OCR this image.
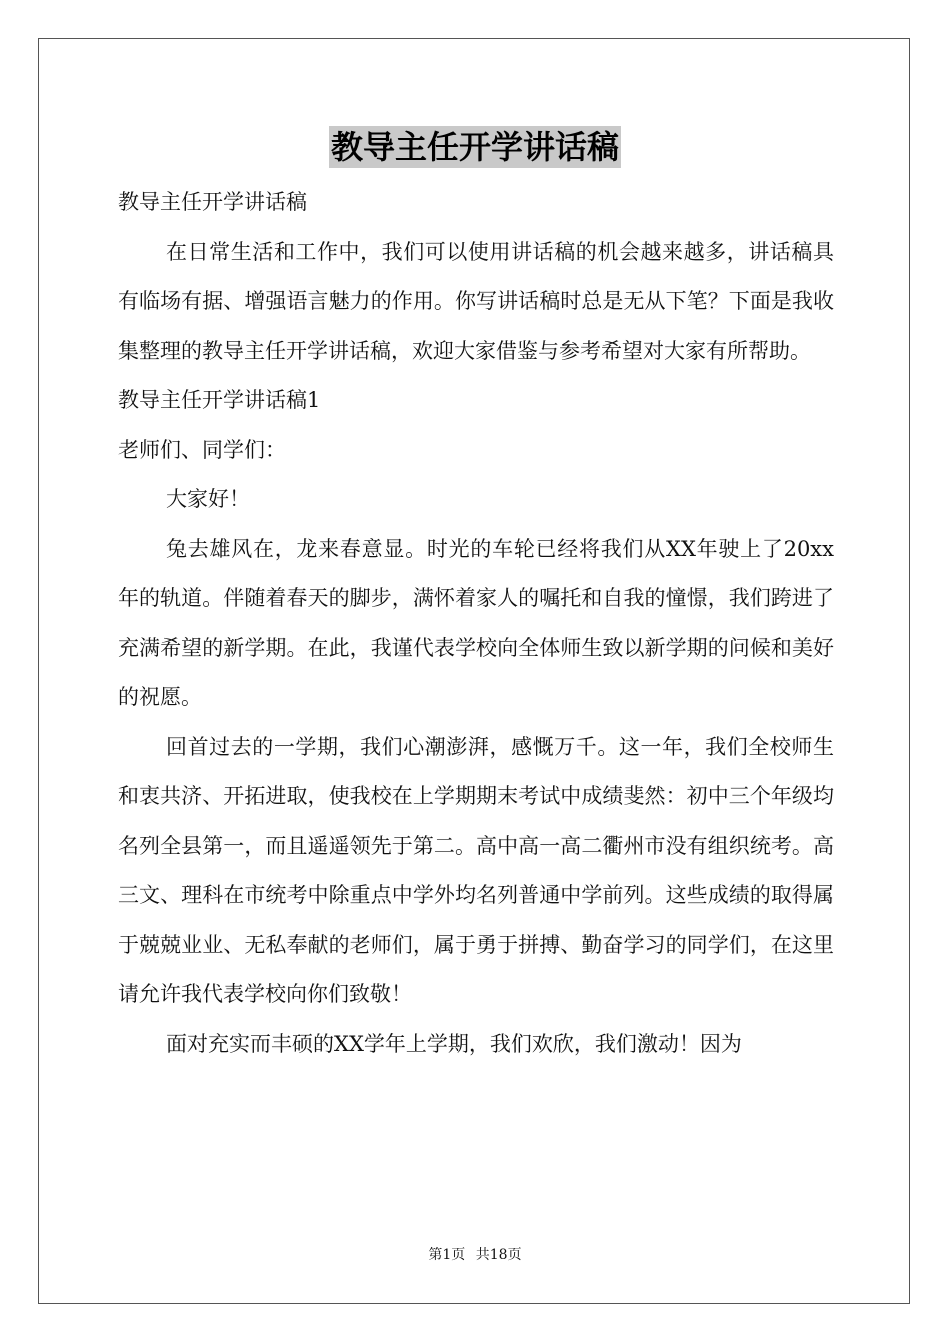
教导主任开学讲话稿

教导主任开学讲话稿

在日常生活和工作中，我们可以使用讲话稿的机会越来越多，讲话稿具有临场有据、增强语言魅力的作用。你写讲话稿时总是无从下笔？下面是我收集整理的教导主任开学讲话稿，欢迎大家借鉴与参考希望对大家有所帮助。

教导主任开学讲话稿1

老师们、同学们：

大家好！

兔去雄风在，龙来春意显。时光的车轮已经将我们从XX年驶上了20xx年的轨道。伴随着春天的脚步，满怀着家人的嘱托和自我的憧憬，我们跨进了充满希望的新学期。在此，我谨代表学校向全体师生致以新学期的问候和美好的祝愿。

回首过去的一学期，我们心潮澎湃，感慨万千。这一年，我们全校师生和衷共济、开拓进取，使我校在上学期期末考试中成绩斐然：初中三个年级均名列全县第一，而且遥遥领先于第二。高中高一高二衢州市没有组织统考。高三文、理科在市统考中除重点中学外均名列普通中学前列。这些成绩的取得属于兢兢业业、无私奉献的老师们，属于勇于拼搏、勤奋学习的同学们，在这里请允许我代表学校向你们致敬！

面对充实而丰硕的XX学年上学期，我们欢欣，我们激动！因为

第1页 共18页
